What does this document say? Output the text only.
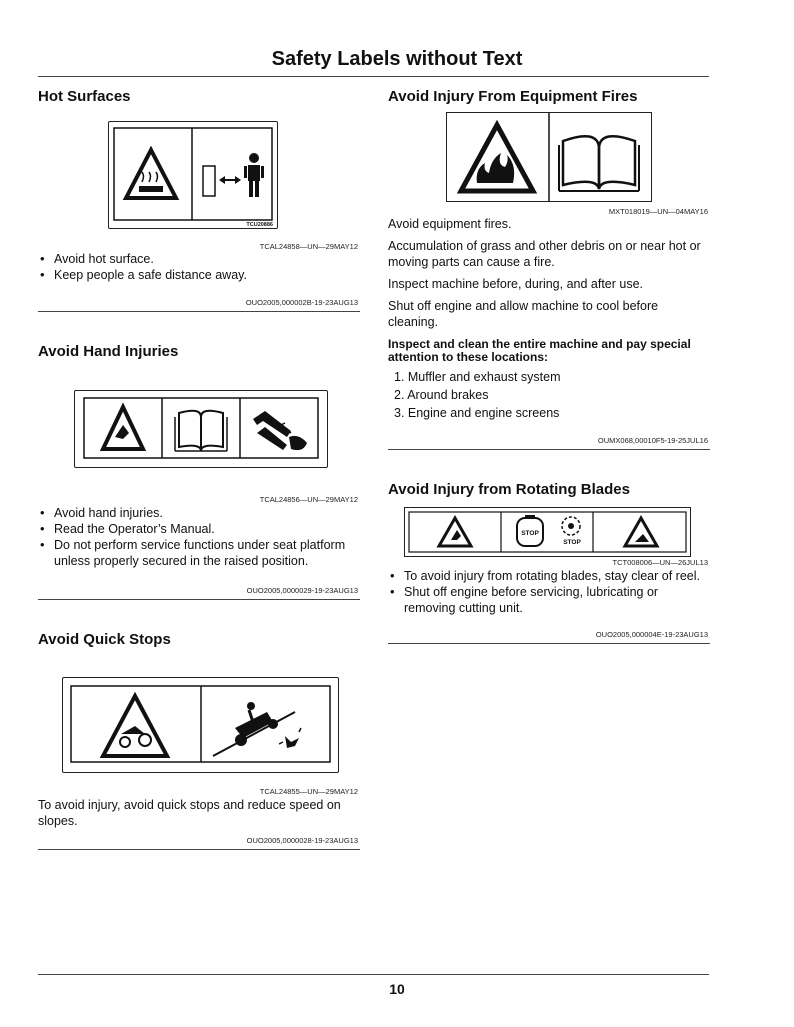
Safety Labels without Text
Hot Surfaces
TCU20886
TCAL24858—UN—29MAY12
• Avoid hot surface.
• Keep people a safe distance away.
OUO2005,000002B-19-23AUG13
Avoid Hand Injuries
TCAL24856—UN—29MAY12
• Avoid hand injuries.
• Read the Operator’s Manual.
• Do not perform service functions under seat platform unless properly secured in the raised position.
OUO2005,0000029-19-23AUG13
Avoid Quick Stops
TCAL24855—UN—29MAY12
To avoid injury, avoid quick stops and reduce speed on slopes.
OUO2005,0000028-19-23AUG13
Avoid Injury From Equipment Fires
MXT018019—UN—04MAY16

Avoid equipment fires.

Accumulation of grass and other debris on or near hot or moving parts can cause a fire.

Inspect machine before, during, and after use.

Shut off engine and allow machine to cool before cleaning.

Inspect and clean the entire machine and pay special attention to these locations:
1. Muffler and exhaust system
2. Around brakes
3. Engine and engine screens
OUMX068,00010F5-19-25JUL16
Avoid Injury from Rotating Blades
STOP
STOP
TCT008006—UN—26JUL13
• To avoid injury from rotating blades, stay clear of reel.
• Shut off engine before servicing, lubricating or removing cutting unit.
OUO2005,000004E-19-23AUG13
10
